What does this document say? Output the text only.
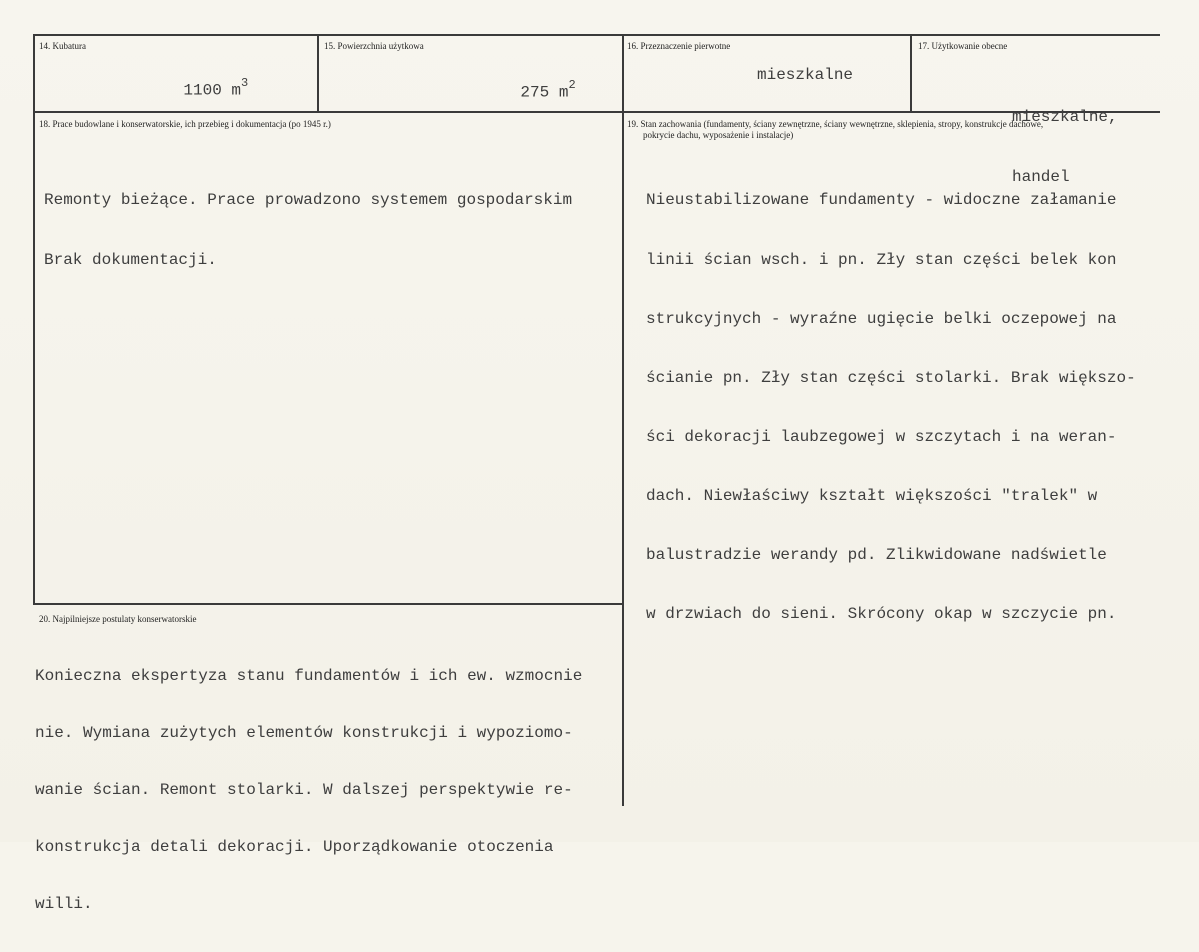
14. Kubatura

1100 $m^3$

15. Powierzchnia użytkowa

275 $m^2$

16. Przeznaczenie pierwotne
mieszkalne
17. Użytkowanie obecne

mieszkalne,

handel

18. Prace budowlane i konserwatorskie, ich przebieg i dokumentacja (po 1945 r.)

Remonty bieżące. Prace prowadzono systemem gospodarskim

Brak dokumentacji.

19. Stan zachowania (fundamenty, ściany zewnętrzne, ściany wewnętrzne, sklepienia, stropy, konstrukcje dachowe,
pokrycie dachu, wyposażenie i instalacje)

Nieustabilizowane fundamenty - widoczne załamanie

linii ścian wsch. i pn. Zły stan części belek kon

strukcyjnych - wyraźne ugięcie belki oczepowej na

ścianie pn. Zły stan części stolarki. Brak większo-

ści dekoracji laubzegowej w szczytach i na weran-

dach. Niewłaściwy kształt większości "tralek" w

balustradzie werandy pd. Zlikwidowane nadświetle

w drzwiach do sieni. Skrócony okap w szczycie pn.

20. Najpilniejsze postulaty konserwatorskie

Konieczna ekspertyza stanu fundamentów i ich ew. wzmocnie

nie. Wymiana zużytych elementów konstrukcji i wypoziomo-

wanie ścian. Remont stolarki. W dalszej perspektywie re-

konstrukcja detali dekoracji. Uporządkowanie otoczenia

willi.
